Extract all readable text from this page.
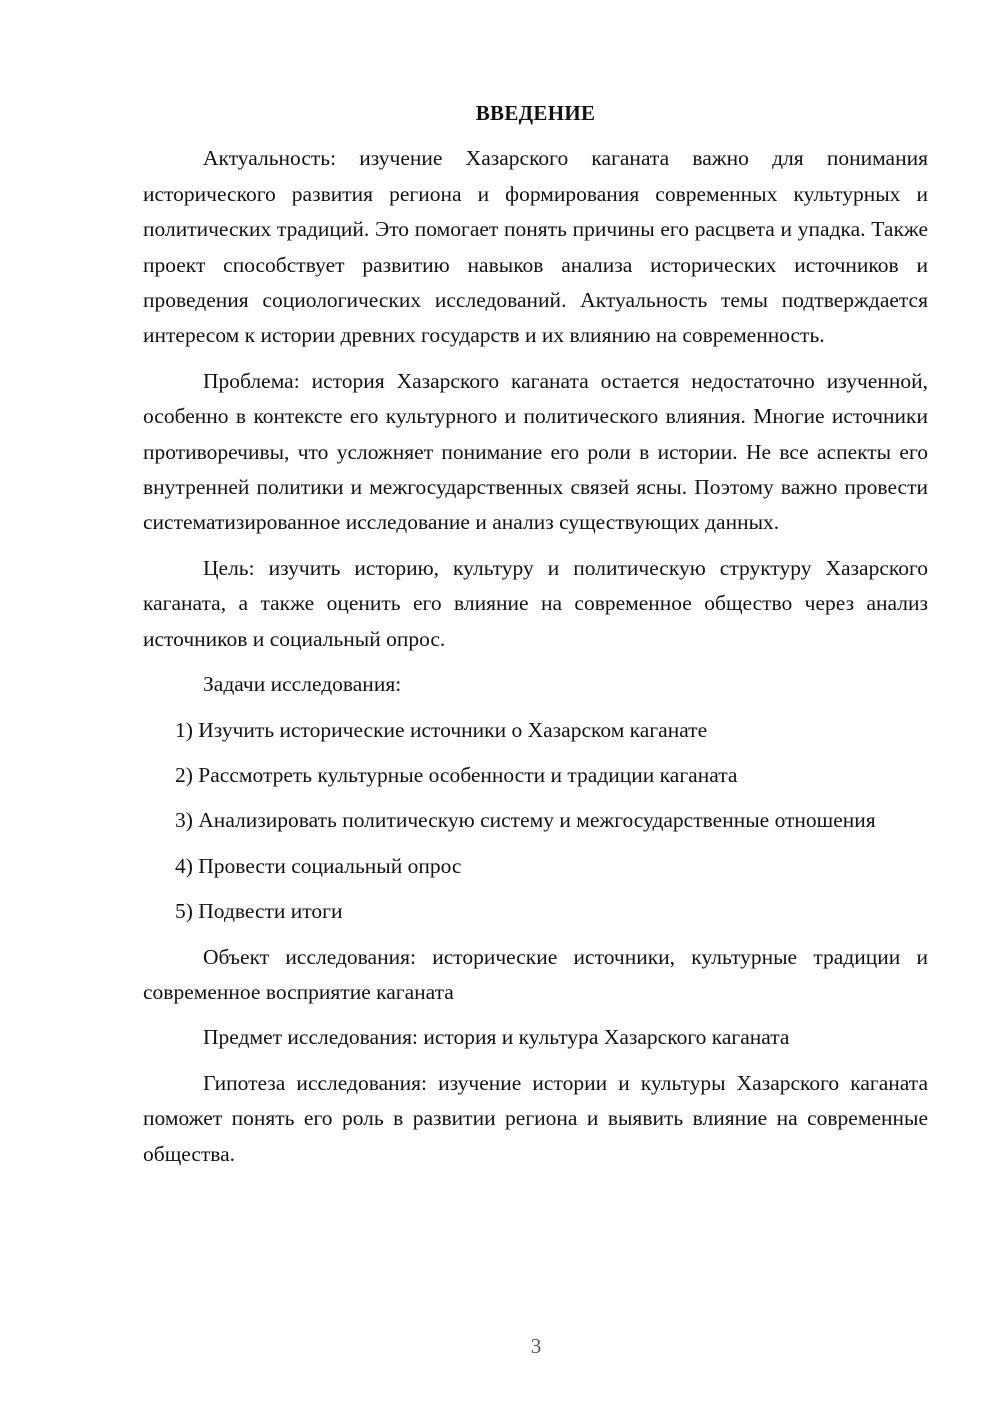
ВВЕДЕНИЕ

Актуальность: изучение Хазарского каганата важно для понимания исторического развития региона и формирования современных культурных и политических традиций. Это помогает понять причины его расцвета и упадка. Также проект способствует развитию навыков анализа исторических источников и проведения социологических исследований. Актуальность темы подтверждается интересом к истории древних государств и их влиянию на современность.

Проблема: история Хазарского каганата остается недостаточно изученной, особенно в контексте его культурного и политического влияния. Многие источники противоречивы, что усложняет понимание его роли в истории. Не все аспекты его внутренней политики и межгосударственных связей ясны. Поэтому важно провести систематизированное исследование и анализ существующих данных.

Цель: изучить историю, культуру и политическую структуру Хазарского каганата, а также оценить его влияние на современное общество через анализ источников и социальный опрос.

Задачи исследования:

1) Изучить исторические источники о Хазарском каганате

2) Рассмотреть культурные особенности и традиции каганата

3) Анализировать политическую систему и межгосударственные отношения

4) Провести социальный опрос

5) Подвести итоги

Объект исследования: исторические источники, культурные традиции и современное восприятие каганата

Предмет исследования: история и культура Хазарского каганата

Гипотеза исследования: изучение истории и культуры Хазарского каганата поможет понять его роль в развитии региона и выявить влияние на современные общества.

3
